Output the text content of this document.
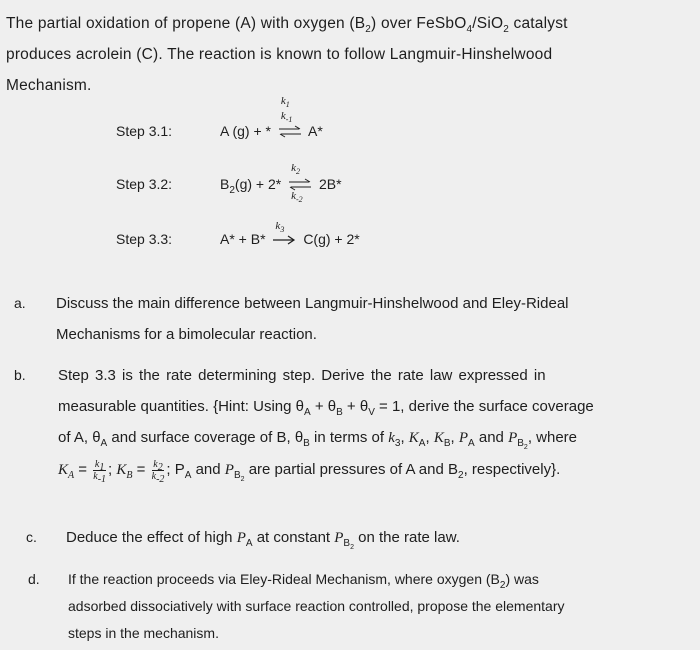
The partial oxidation of propene (A) with oxygen $(B_2)$ over FeSbO$_4$/SiO$_2$ catalyst
produces acrolein (C). The reaction is known to follow Langmuir-Hinshelwood
Mechanism.
Step 3.1:	A (g) + *
$k_1$
$k_{-1}$
A*
Step 3.2:	$B_2(g) + 2*$
$k_2$
$k_{-2}$
2B*
Step 3.3:	A* + B*
$k_3$
C(g) + 2*
a. Discuss the main difference between Langmuir-Hinshelwood and Eley-Rideal
Mechanisms for a bimolecular reaction.
b. Step 3.3 is the rate determining step. Derive the rate law expressed in
measurable quantities. {Hint: Using $\theta_A + \theta_B + \theta_V = 1$, derive the surface coverage
of A, $\theta_A$ and surface coverage of B, $\theta_B$ in terms of $k_3$, $K_A$, $K_B$, $P_A$ and $P_{B_2}$, where
$K_A = \frac{k_1}{k_{-1}}$ ; $K_B = \frac{k_2}{k_{-2}}$ ; $P_A$ and $P_{B_2}$ are partial pressures of A and $B_2$, respectively}.
c. Deduce the effect of high $P_A$ at constant $P_{B_2}$ on the rate law.
d. If the reaction proceeds via Eley-Rideal Mechanism, where oxygen $(B_2)$ was
adsorbed dissociatively with surface reaction controlled, propose the elementary
steps in the mechanism.
